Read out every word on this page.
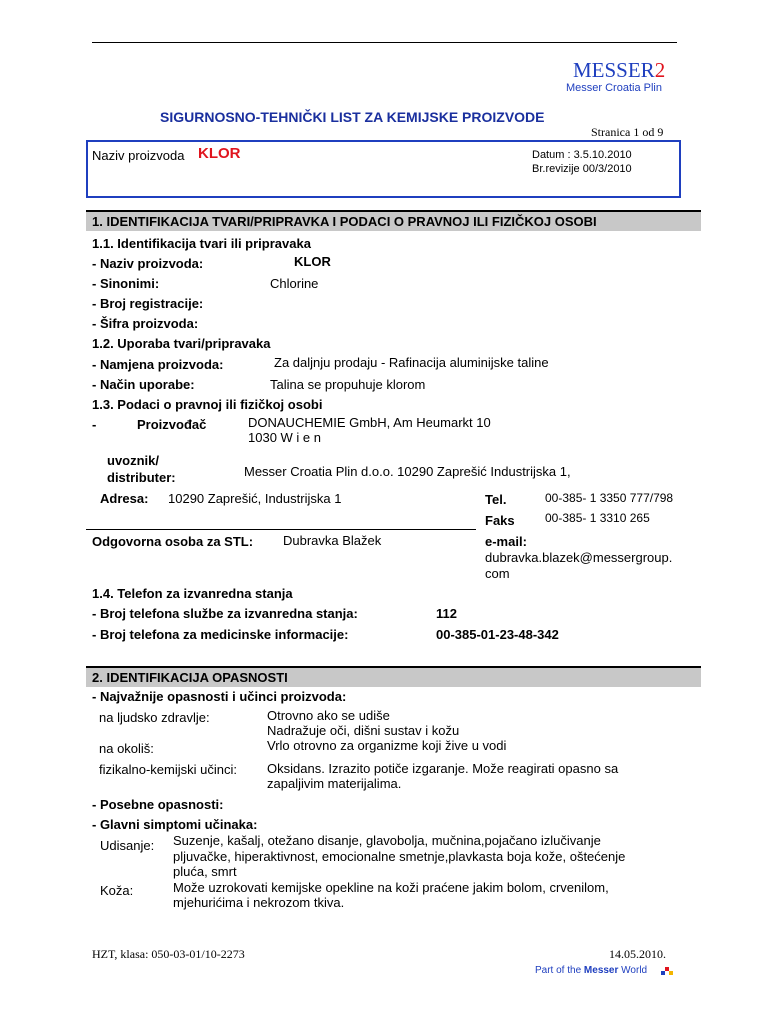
MESSER2
Messer Croatia Plin
SIGURNOSNO-TEHNIČKI LIST ZA KEMIJSKE PROIZVODE
Stranica 1 od 9
Naziv proizvoda KLOR	Datum : 3.5.10.2010
Br.revizije 00/3/2010
1. IDENTIFIKACIJA TVARI/PRIPRAVKA I PODACI O PRAVNOJ ILI FIZIČKOJ OSOBI
1.1. Identifikacija tvari ili pripravaka
- Naziv proizvoda:	KLOR
- Sinonimi:	Chlorine
- Broj registracije:
- Šifra proizvoda:
1.2. Uporaba tvari/pripravaka
- Namjena proizvoda:	Za daljnju prodaju - Rafinacija aluminijske taline
- Način uporabe:	Talina se propuhuje klorom
1.3. Podaci o pravnoj ili fizičkoj osobi
-	Proizvođač	DONAUCHEMIE GmbH, Am Heumarkt 10
1030 W i e n
uvoznik/
distributer:	Messer Croatia Plin d.o.o. 10290 Zaprešić Industrijska 1,
Adresa: 10290 Zaprešić, Industrijska 1	Tel.	00-385- 1 3350 777/798
Faks	00-385- 1 3310 265
Odgovorna osoba za STL: Dubravka Blažek	e-mail:
dubravka.blazek@messergroup.
com
1.4. Telefon za izvanredna stanja
- Broj telefona službe za izvanredna stanja:	112
- Broj telefona za medicinske informacije:	00-385-01-23-48-342
2. IDENTIFIKACIJA OPASNOSTI
- Najvažnije opasnosti i učinci proizvoda:
na ljudsko zdravlje:	Otrovno ako se udiše
Nadražuje oči, dišni sustav i kožu
na okoliš:	Vrlo otrovno za organizme koji žive u vodi
fizikalno-kemijski učinci: Oksidans. Izrazito potiče izgaranje. Može reagirati opasno sa
zapaljivim materijalima.
- Posebne opasnosti:
- Glavni simptomi učinaka:
Udisanje: Suzenje, kašalj, otežano disanje, glavobolja, mučnina,pojačano izlučivanje
pljuvačke, hiperaktivnost, emocionalne smetnje,plavkasta boja kože, oštećenje
pluća, smrt
Koža:	Može uzrokovati kemijske opekline na koži praćene jakim bolom, crvenilom,
mjehurićima i nekrozom tkiva.
HZT, klasa: 050-03-01/10-2273	14.05.2010.
Part of the Messer World
